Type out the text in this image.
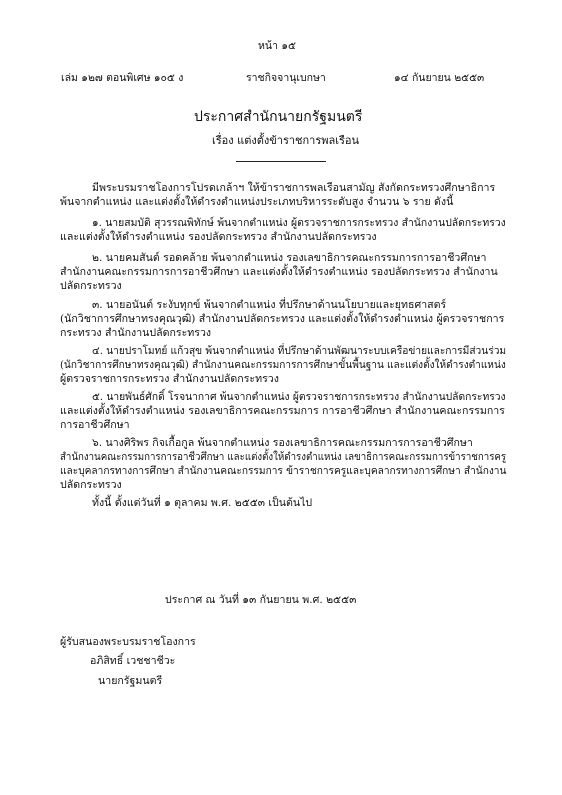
หน้า ๑๕
เล่ม ๑๒๗ ตอนพิเศษ ๑๐๕ ง	ราชกิจจานุเบกษา	๑๔ กันยายน ๒๕๕๓
ประกาศสำนักนายกรัฐมนตรี
เรื่อง แต่งตั้งข้าราชการพลเรือน
มีพระบรมราชโองการโปรดเกล้าฯ ให้ข้าราชการพลเรือนสามัญ สังกัดกระทรวงศึกษาธิการ
พ้นจากตำแหน่ง และแต่งตั้งให้ดำรงตำแหน่งประเภทบริหารระดับสูง จำนวน ๖ ราย ดังนี้
๑. นายสมบัติ สุวรรณพิทักษ์ พ้นจากตำแหน่ง ผู้ตรวจราชการกระทรวง สำนักงานปลัดกระทรวง
และแต่งตั้งให้ดำรงตำแหน่ง รองปลัดกระทรวง สำนักงานปลัดกระทรวง
๒. นายคมสันต์ รอดคล้าย พ้นจากตำแหน่ง รองเลขาธิการคณะกรรมการการอาชีวศึกษา
สำนักงานคณะกรรมการการอาชีวศึกษา และแต่งตั้งให้ดำรงตำแหน่ง รองปลัดกระทรวง สำนักงาน
ปลัดกระทรวง
๓. นายอนันต์ ระงับทุกข์ พ้นจากตำแหน่ง ที่ปรึกษาด้านนโยบายและยุทธศาสตร์
(นักวิชาการศึกษาทรงคุณวุฒิ) สำนักงานปลัดกระทรวง และแต่งตั้งให้ดำรงตำแหน่ง ผู้ตรวจราชการ
กระทรวง สำนักงานปลัดกระทรวง
๔. นายปราโมทย์ แก้วสุข พ้นจากตำแหน่ง ที่ปรึกษาด้านพัฒนาระบบเครือข่ายและการมีส่วนร่วม
(นักวิชาการศึกษาทรงคุณวุฒิ) สำนักงานคณะกรรมการการศึกษาขั้นพื้นฐาน และแต่งตั้งให้ดำรงตำแหน่ง
ผู้ตรวจราชการกระทรวง สำนักงานปลัดกระทรวง
๕. นายพันธ์ศักดิ์ โรจนากาศ พ้นจากตำแหน่ง ผู้ตรวจราชการกระทรวง สำนักงานปลัดกระทรวง
และแต่งตั้งให้ดำรงตำแหน่ง รองเลขาธิการคณะกรรมการ การอาชีวศึกษา สำนักงานคณะกรรมการ
การอาชีวศึกษา
๖. นางศิริพร กิจเกื้อกูล พ้นจากตำแหน่ง รองเลขาธิการคณะกรรมการการอาชีวศึกษา
สำนักงานคณะกรรมการการอาชีวศึกษา และแต่งตั้งให้ดำรงตำแหน่ง เลขาธิการคณะกรรมการข้าราชการครู
และบุคลากรทางการศึกษา สำนักงานคณะกรรมการ ข้าราชการครูและบุคลากรทางการศึกษา สำนักงาน
ปลัดกระทรวง
ทั้งนี้ ตั้งแต่วันที่ ๑ ตุลาคม พ.ศ. ๒๕๕๓ เป็นต้นไป
ประกาศ ณ วันที่ ๑๓ กันยายน พ.ศ. ๒๕๕๓
ผู้รับสนองพระบรมราชโองการ
อภิสิทธิ์ เวชชาชีวะ
นายกรัฐมนตรี
